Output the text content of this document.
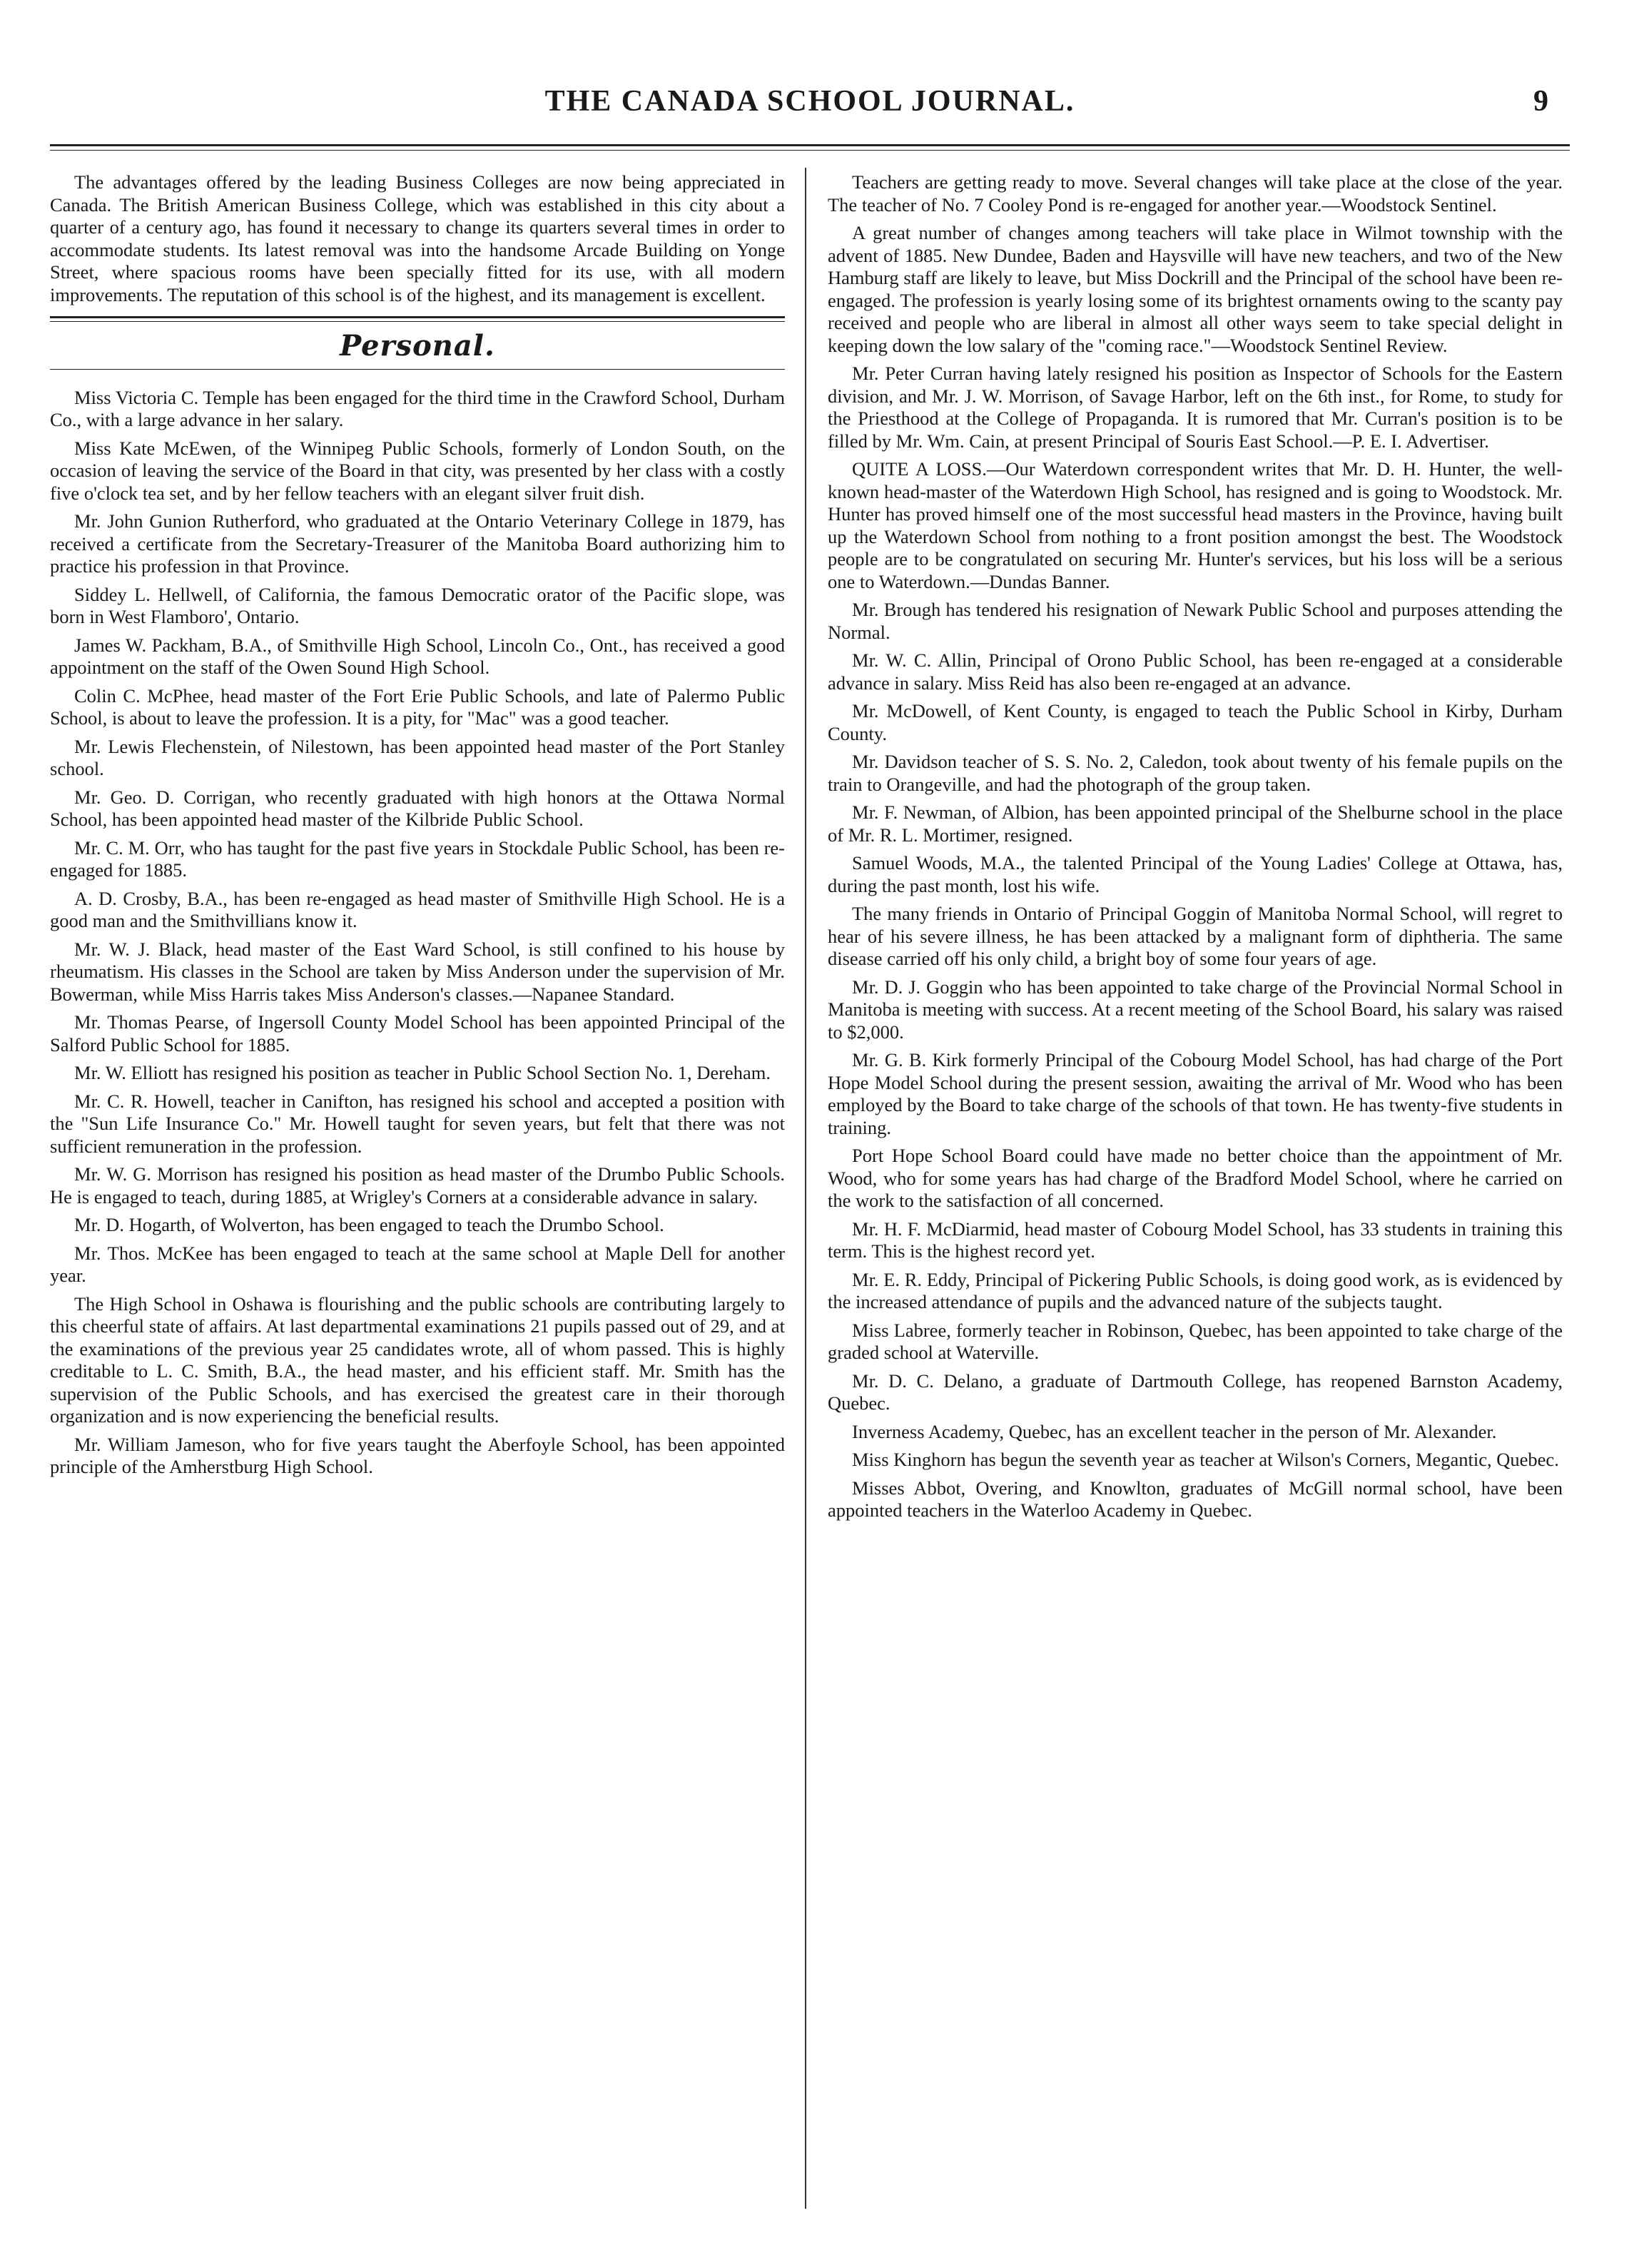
THE CANADA SCHOOL JOURNAL.	9

The advantages offered by the leading Business Colleges are now being appreciated in Canada. The British American Business College, which was established in this city about a quarter of a century ago, has found it necessary to change its quarters several times in order to accommodate students. Its latest removal was into the handsome Arcade Building on Yonge Street, where spacious rooms have been specially fitted for its use, with all modern improvements. The reputation of this school is of the highest, and its management is excellent.

Personal.

Miss Victoria C. Temple has been engaged for the third time in the Crawford School, Durham Co., with a large advance in her salary.

Miss Kate McEwen, of the Winnipeg Public Schools, formerly of London South, on the occasion of leaving the service of the Board in that city, was presented by her class with a costly five o'clock tea set, and by her fellow teachers with an elegant silver fruit dish.

Mr. John Gunion Rutherford, who graduated at the Ontario Veterinary College in 1879, has received a certificate from the Secretary-Treasurer of the Manitoba Board authorizing him to practice his profession in that Province.

Siddey L. Hellwell, of California, the famous Democratic orator of the Pacific slope, was born in West Flamboro', Ontario.

James W. Packham, B.A., of Smithville High School, Lincoln Co., Ont., has received a good appointment on the staff of the Owen Sound High School.

Colin C. McPhee, head master of the Fort Erie Public Schools, and late of Palermo Public School, is about to leave the profession. It is a pity, for "Mac" was a good teacher.

Mr. Lewis Flechenstein, of Nilestown, has been appointed head master of the Port Stanley school.

Mr. Geo. D. Corrigan, who recently graduated with high honors at the Ottawa Normal School, has been appointed head master of the Kilbride Public School.

Mr. C. M. Orr, who has taught for the past five years in Stockdale Public School, has been re-engaged for 1885.

A. D. Crosby, B.A., has been re-engaged as head master of Smithville High School. He is a good man and the Smithvillians know it.

Mr. W. J. Black, head master of the East Ward School, is still confined to his house by rheumatism. His classes in the School are taken by Miss Anderson under the supervision of Mr. Bowerman, while Miss Harris takes Miss Anderson's classes.—Napanee Standard.

Mr. Thomas Pearse, of Ingersoll County Model School has been appointed Principal of the Salford Public School for 1885.

Mr. W. Elliott has resigned his position as teacher in Public School Section No. 1, Dereham.

Mr. C. R. Howell, teacher in Canifton, has resigned his school and accepted a position with the "Sun Life Insurance Co." Mr. Howell taught for seven years, but felt that there was not sufficient remuneration in the profession.

Mr. W. G. Morrison has resigned his position as head master of the Drumbo Public Schools. He is engaged to teach, during 1885, at Wrigley's Corners at a considerable advance in salary.

Mr. D. Hogarth, of Wolverton, has been engaged to teach the Drumbo School.

Mr. Thos. McKee has been engaged to teach at the same school at Maple Dell for another year.

The High School in Oshawa is flourishing and the public schools are contributing largely to this cheerful state of affairs. At last departmental examinations 21 pupils passed out of 29, and at the examinations of the previous year 25 candidates wrote, all of whom passed. This is highly creditable to L. C. Smith, B.A., the head master, and his efficient staff. Mr. Smith has the supervision of the Public Schools, and has exercised the greatest care in their thorough organization and is now experiencing the beneficial results.

Mr. William Jameson, who for five years taught the Aberfoyle School, has been appointed principle of the Amherstburg High School.

Teachers are getting ready to move. Several changes will take place at the close of the year. The teacher of No. 7 Cooley Pond is re-engaged for another year.—Woodstock Sentinel.

A great number of changes among teachers will take place in Wilmot township with the advent of 1885. New Dundee, Baden and Haysville will have new teachers, and two of the New Hamburg staff are likely to leave, but Miss Dockrill and the Principal of the school have been re-engaged. The profession is yearly losing some of its brightest ornaments owing to the scanty pay received and people who are liberal in almost all other ways seem to take special delight in keeping down the low salary of the "coming race."—Woodstock Sentinel Review.

Mr. Peter Curran having lately resigned his position as Inspector of Schools for the Eastern division, and Mr. J. W. Morrison, of Savage Harbor, left on the 6th inst., for Rome, to study for the Priesthood at the College of Propaganda. It is rumored that Mr. Curran's position is to be filled by Mr. Wm. Cain, at present Principal of Souris East School.—P. E. I. Advertiser.

QUITE A LOSS.—Our Waterdown correspondent writes that Mr. D. H. Hunter, the well-known head-master of the Waterdown High School, has resigned and is going to Woodstock. Mr. Hunter has proved himself one of the most successful head masters in the Province, having built up the Waterdown School from nothing to a front position amongst the best. The Woodstock people are to be congratulated on securing Mr. Hunter's services, but his loss will be a serious one to Waterdown.—Dundas Banner.

Mr. Brough has tendered his resignation of Newark Public School and purposes attending the Normal.

Mr. W. C. Allin, Principal of Orono Public School, has been re-engaged at a considerable advance in salary. Miss Reid has also been re-engaged at an advance.

Mr. McDowell, of Kent County, is engaged to teach the Public School in Kirby, Durham County.

Mr. Davidson teacher of S. S. No. 2, Caledon, took about twenty of his female pupils on the train to Orangeville, and had the photograph of the group taken.

Mr. F. Newman, of Albion, has been appointed principal of the Shelburne school in the place of Mr. R. L. Mortimer, resigned.

Samuel Woods, M.A., the talented Principal of the Young Ladies' College at Ottawa, has, during the past month, lost his wife.

The many friends in Ontario of Principal Goggin of Manitoba Normal School, will regret to hear of his severe illness, he has been attacked by a malignant form of diphtheria. The same disease carried off his only child, a bright boy of some four years of age.

Mr. D. J. Goggin who has been appointed to take charge of the Provincial Normal School in Manitoba is meeting with success. At a recent meeting of the School Board, his salary was raised to $2,000.

Mr. G. B. Kirk formerly Principal of the Cobourg Model School, has had charge of the Port Hope Model School during the present session, awaiting the arrival of Mr. Wood who has been employed by the Board to take charge of the schools of that town. He has twenty-five students in training.

Port Hope School Board could have made no better choice than the appointment of Mr. Wood, who for some years has had charge of the Bradford Model School, where he carried on the work to the satisfaction of all concerned.

Mr. H. F. McDiarmid, head master of Cobourg Model School, has 33 students in training this term. This is the highest record yet.

Mr. E. R. Eddy, Principal of Pickering Public Schools, is doing good work, as is evidenced by the increased attendance of pupils and the advanced nature of the subjects taught.

Miss Labree, formerly teacher in Robinson, Quebec, has been appointed to take charge of the graded school at Waterville.

Mr. D. C. Delano, a graduate of Dartmouth College, has reopened Barnston Academy, Quebec.

Inverness Academy, Quebec, has an excellent teacher in the person of Mr. Alexander.

Miss Kinghorn has begun the seventh year as teacher at Wilson's Corners, Megantic, Quebec.

Misses Abbot, Overing, and Knowlton, graduates of McGill normal school, have been appointed teachers in the Waterloo Academy in Quebec.
